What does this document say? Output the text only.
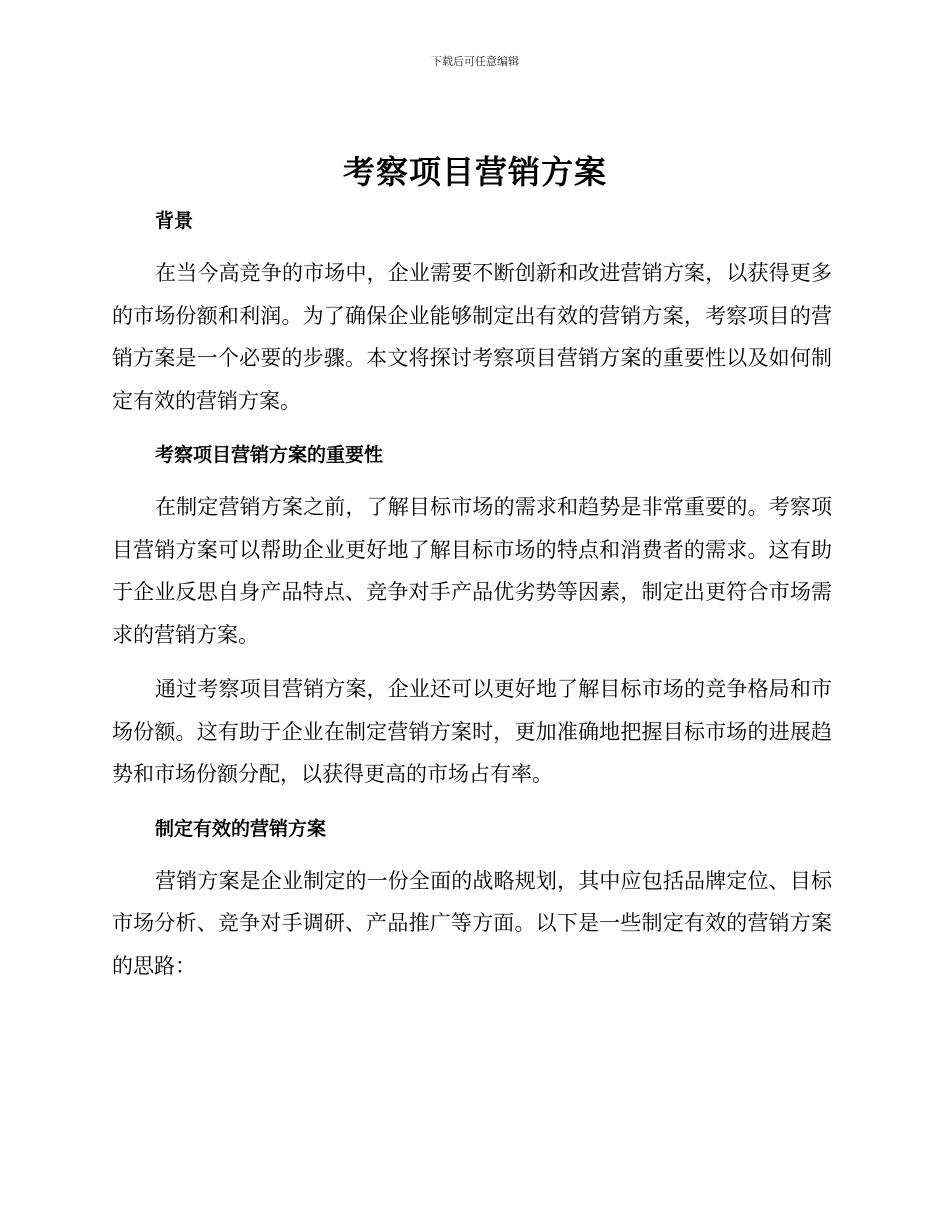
下载后可任意编辑
考察项目营销方案
背景

在当今高竞争的市场中，企业需要不断创新和改进营销方案，以获得更多的市场份额和利润。为了确保企业能够制定出有效的营销方案，考察项目的营销方案是一个必要的步骤。本文将探讨考察项目营销方案的重要性以及如何制定有效的营销方案。

考察项目营销方案的重要性

在制定营销方案之前，了解目标市场的需求和趋势是非常重要的。考察项目营销方案可以帮助企业更好地了解目标市场的特点和消费者的需求。这有助于企业反思自身产品特点、竞争对手产品优劣势等因素，制定出更符合市场需求的营销方案。

通过考察项目营销方案，企业还可以更好地了解目标市场的竞争格局和市场份额。这有助于企业在制定营销方案时，更加准确地把握目标市场的进展趋势和市场份额分配，以获得更高的市场占有率。

制定有效的营销方案

营销方案是企业制定的一份全面的战略规划，其中应包括品牌定位、目标市场分析、竞争对手调研、产品推广等方面。以下是一些制定有效的营销方案的思路：
